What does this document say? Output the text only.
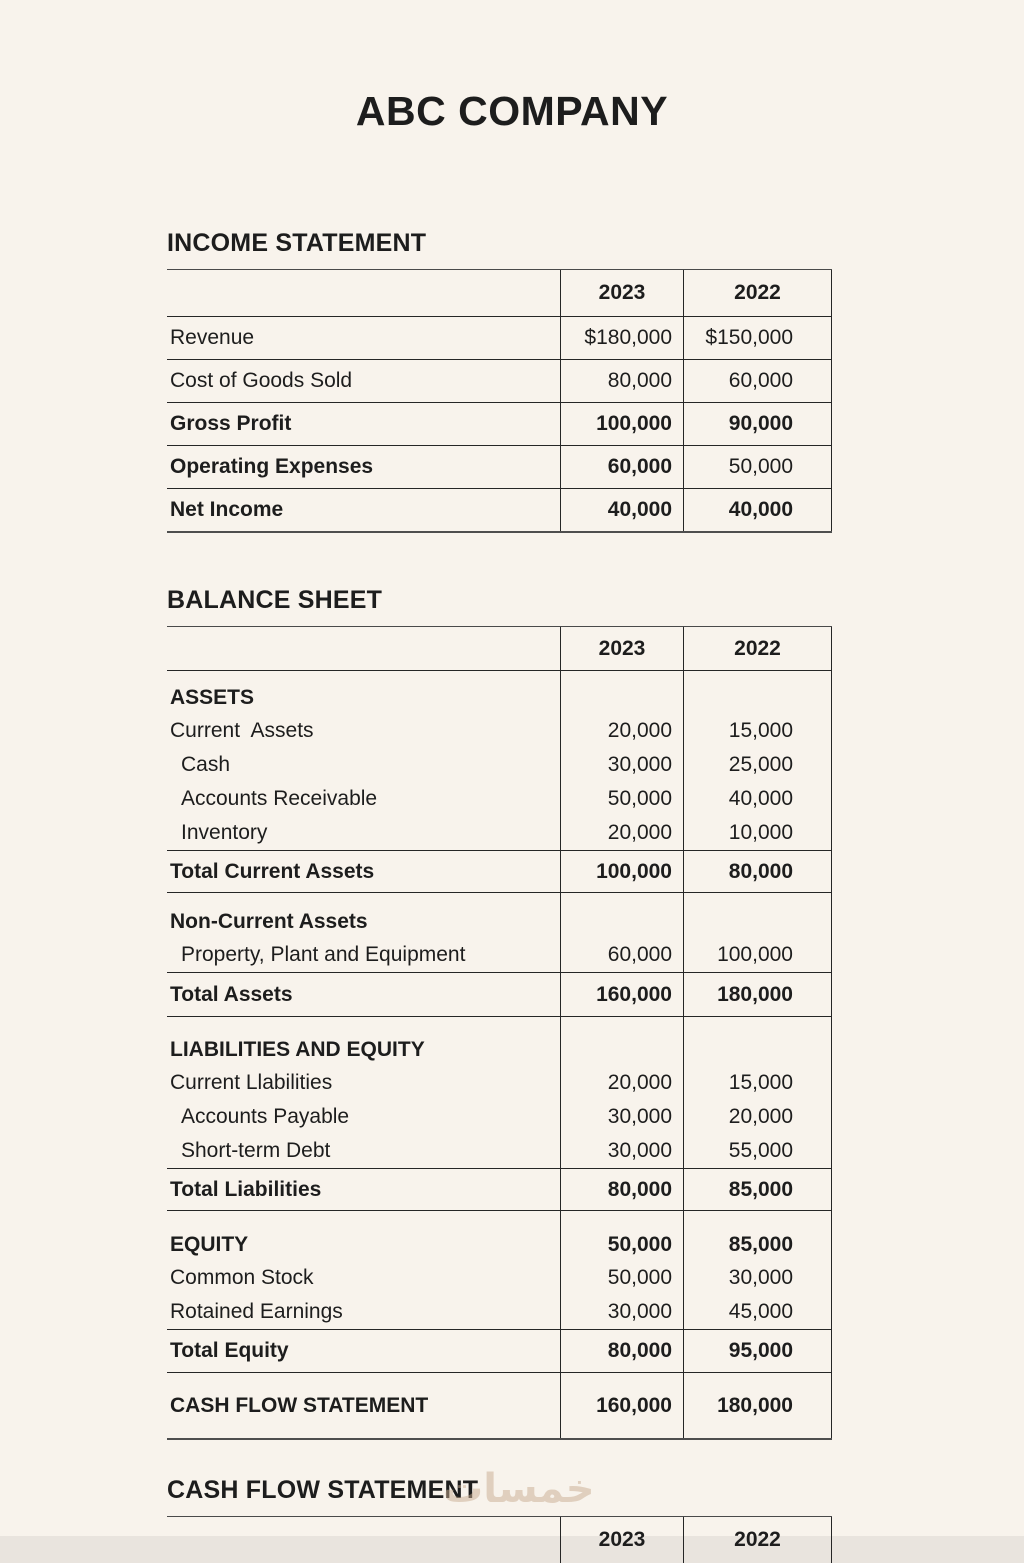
ABC COMPANY
INCOME STATEMENT
2023	2022
Revenue	$180,000	$150,000
Cost of Goods Sold	80,000	60,000
Gross Profit	100,000	90,000
Operating Expenses	60,000	50,000
Net Income	40,000	40,000
BALANCE SHEET
2023	2022
ASSETS
Current  Assets	20,000	15,000
Cash	30,000	25,000
Accounts Receivable	50,000	40,000
Inventory	20,000	10,000
Total Current Assets	100,000	80,000
Non-Current Assets
Property, Plant and Equipment	60,000	100,000
Total Assets	160,000	180,000
LIABILITIES AND EQUITY
Current Llabilities	20,000	15,000
Accounts Payable	30,000	20,000
Short-term Debt	30,000	55,000
Total Liabilities	80,000	85,000
EQUITY	50,000	85,000
Common Stock	50,000	30,000
Rotained Earnings	30,000	45,000
Total Equity	80,000	95,000
CASH FLOW STATEMENT	160,000	180,000
CASH FLOW STATEMENT
2023	2022
خمسات
